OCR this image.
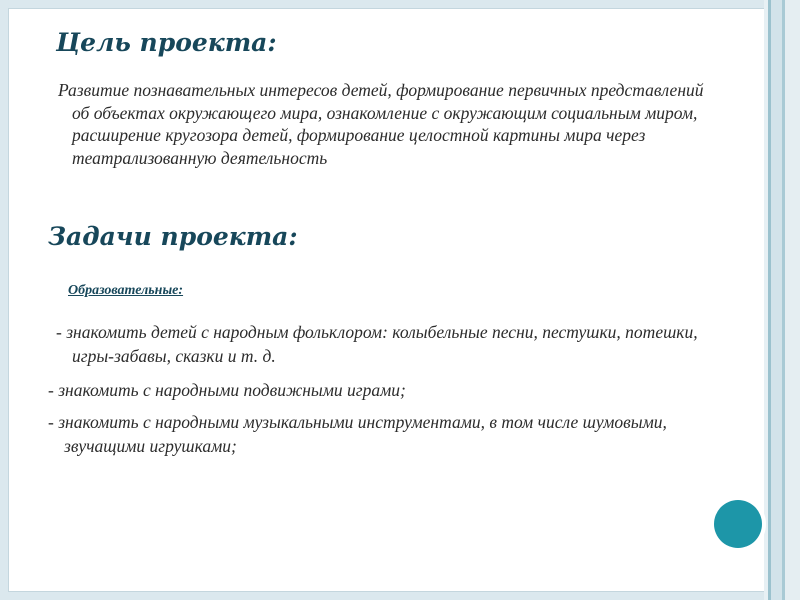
Цель проекта:
Развитие познавательных интересов детей, формирование первичных представлений об объектах окружающего мира, ознакомление с окружающим социальным миром, расширение кругозора детей, формирование целостной картины мира через театрализованную деятельность
Задачи проекта:
Образовательные:
- знакомить детей с народным фольклором: колыбельные песни, пестушки, потешки, игры-забавы, сказки и т. д.
- знакомить с народными подвижными играми;
- знакомить с народными музыкальными инструментами, в том числе шумовыми, звучащими игрушками;
